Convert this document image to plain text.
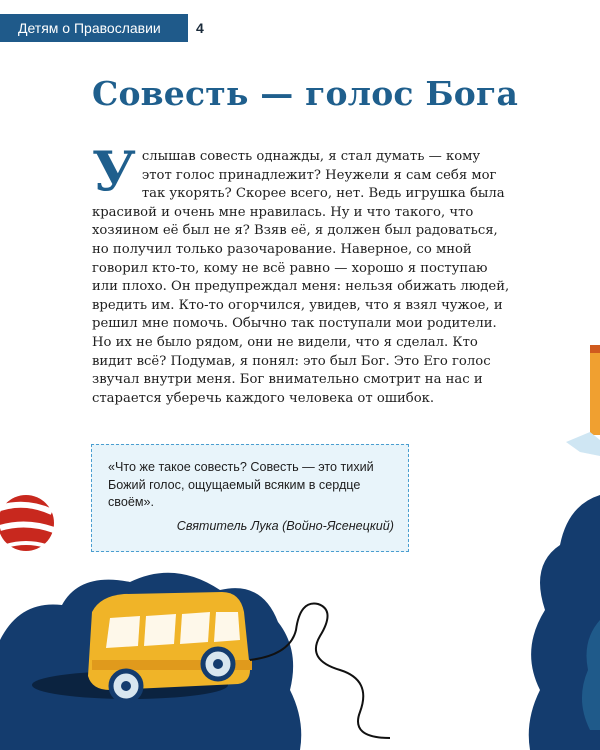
Детям о Православии	4
Совесть — голос Бога
Услышав совесть однажды, я стал думать — кому этот голос принадлежит? Неужели я сам себя мог так укорять? Скорее всего, нет. Ведь игрушка была красивой и очень мне нравилась. Ну и что такого, что хозяином её был не я? Взяв её, я должен был радоваться, но получил только разочарование. Наверное, со мной говорил кто-то, кому не всё равно — хорошо я поступаю или плохо. Он предупреждал меня: нельзя обижать людей, вредить им. Кто-то огорчился, увидев, что я взял чужое, и решил мне помочь. Обычно так поступали мои родители. Но их не было рядом, они не видели, что я сделал. Кто видит всё? Подумав, я понял: это был Бог. Это Его голос звучал внутри меня. Бог внимательно смотрит на нас и старается уберечь каждого человека от ошибок.
«Что же такое совесть? Совесть — это тихий Божий голос, ощущаемый всяким в сердце своём».
Святитель Лука (Войно-Ясенецкий)
